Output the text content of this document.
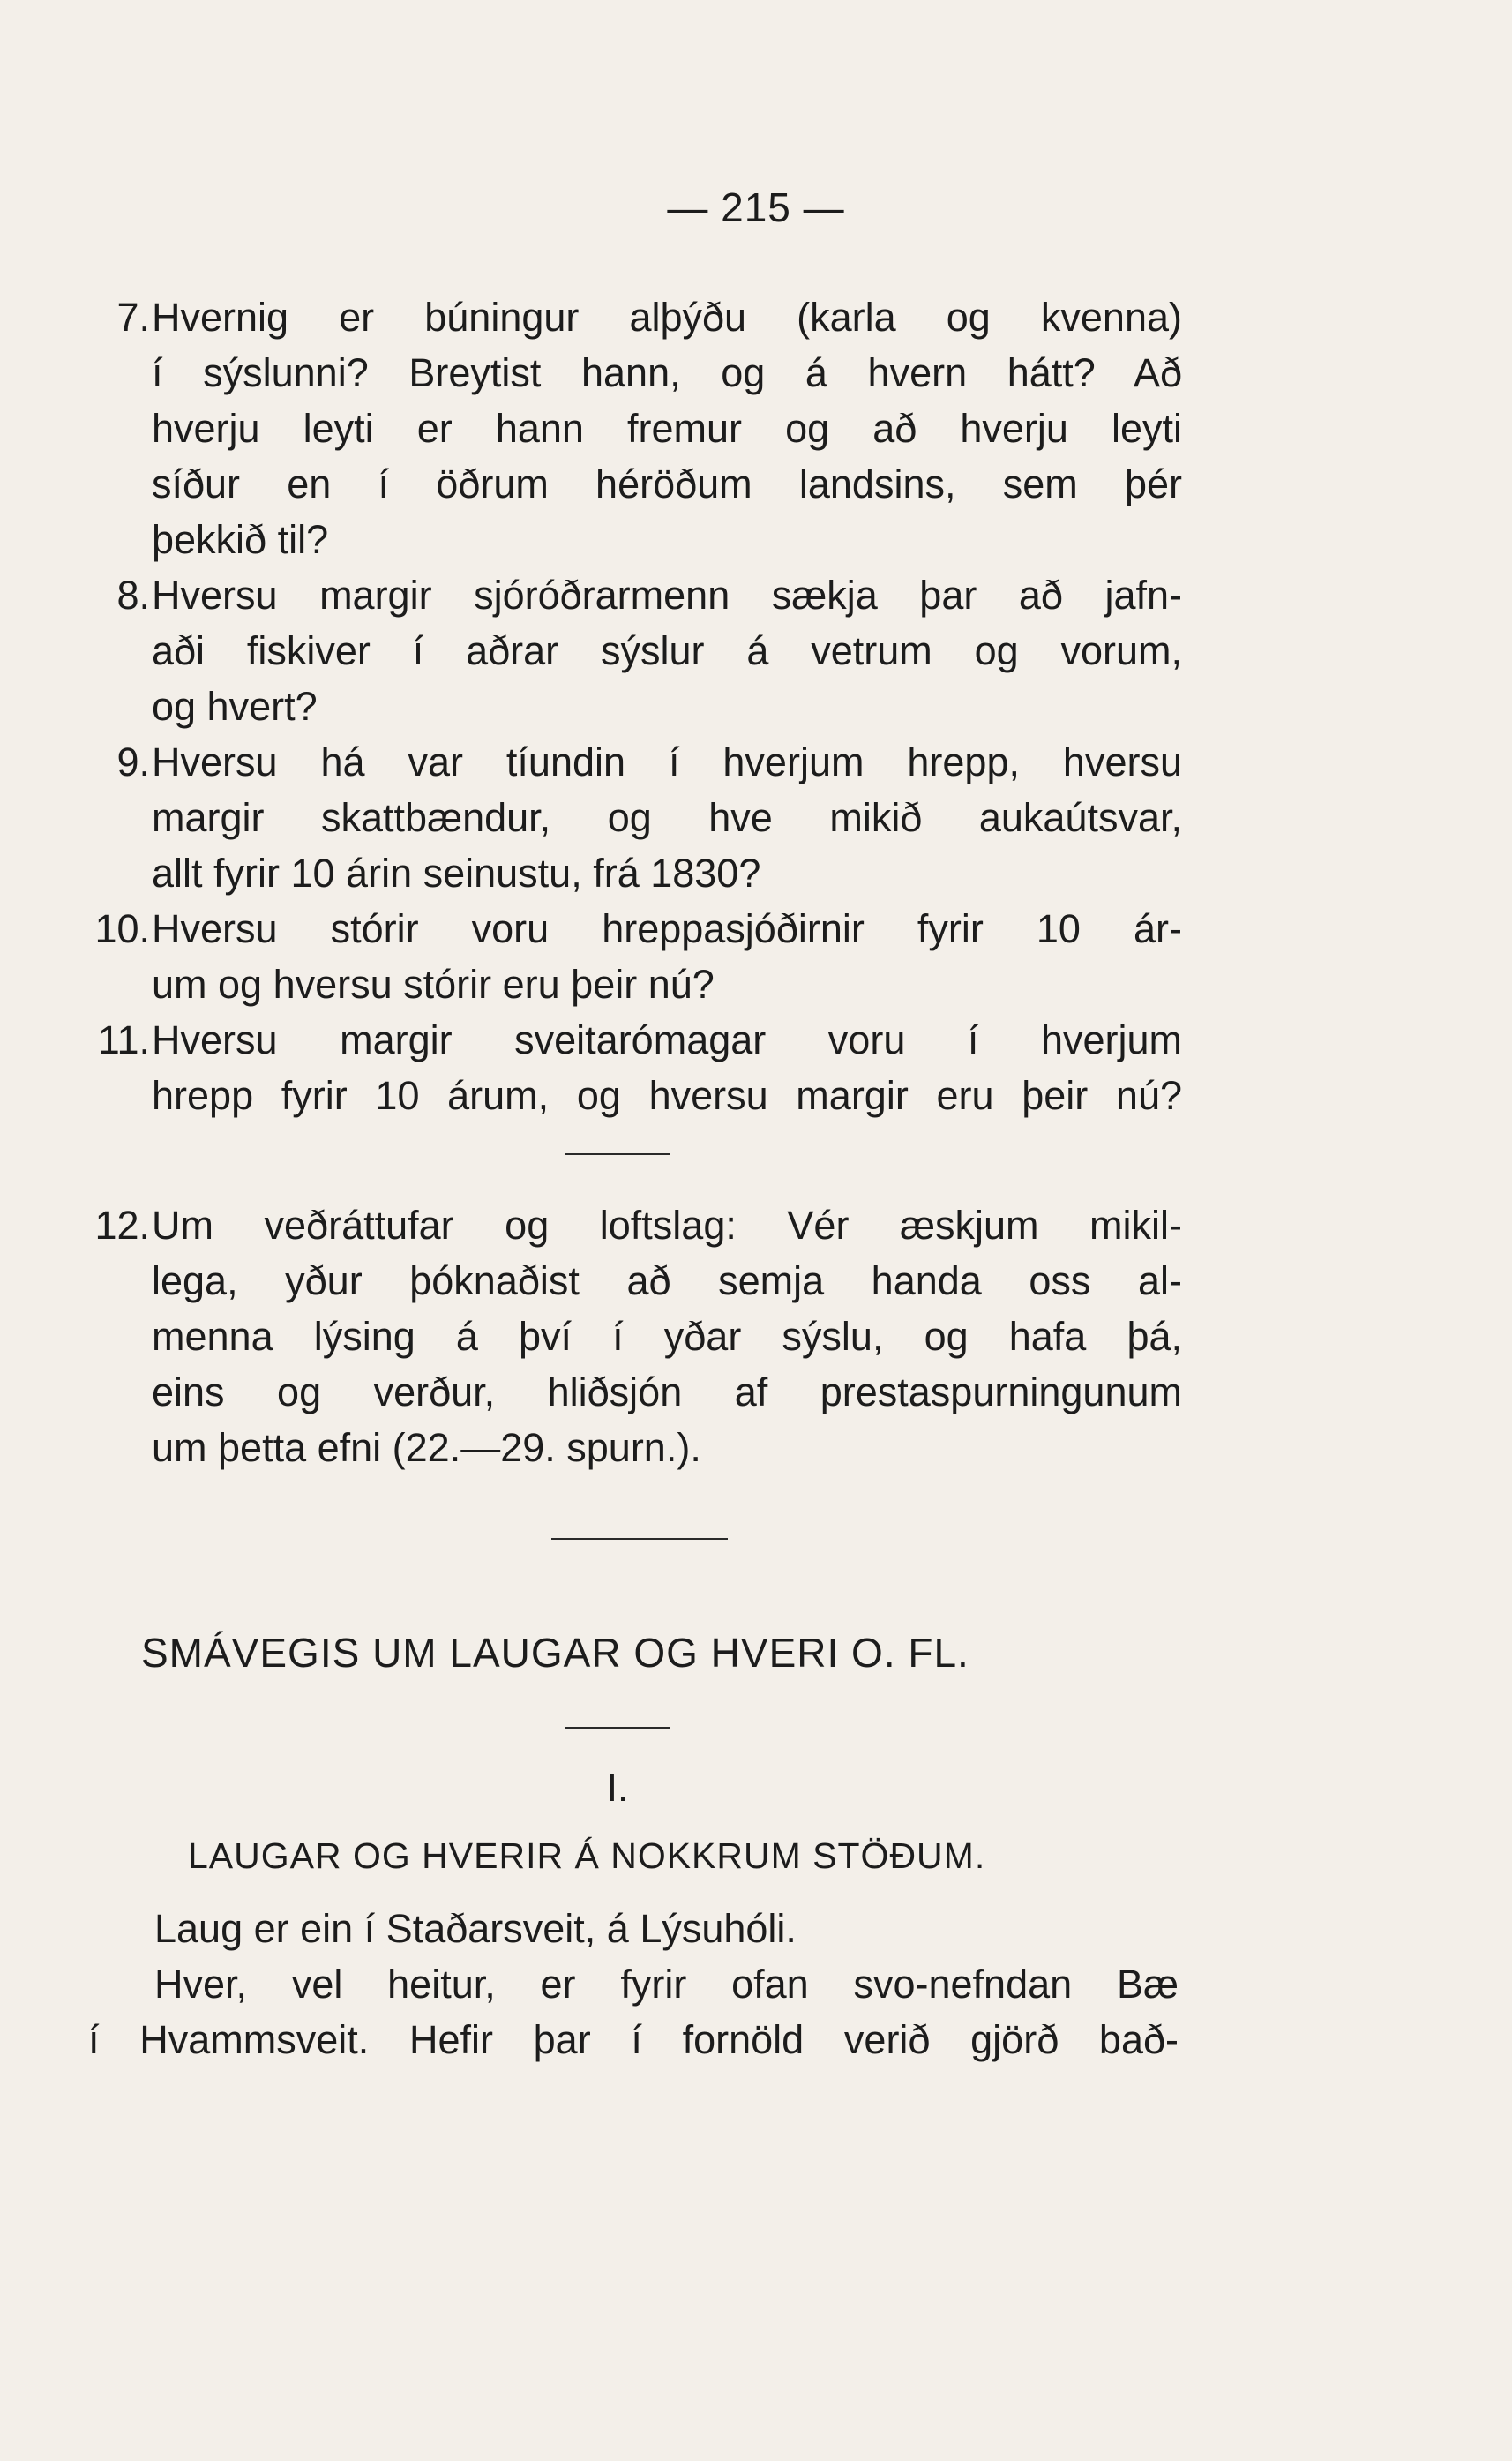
— 215 —
7. Hvernig er búningur alþýðu (karla og kvenna)
í sýslunni? Breytist hann, og á hvern hátt? Að
hverju leyti er hann fremur og að hverju leyti
síður en í öðrum héröðum landsins, sem þér
þekkið til?
8. Hversu margir sjóróðrarmenn sækja þar að jafn-
aði fiskiver í aðrar sýslur á vetrum og vorum,
og hvert?
9. Hversu há var tíundin í hverjum hrepp, hversu
margir skattbændur, og hve mikið aukaútsvar,
allt fyrir 10 árin seinustu, frá 1830?
10. Hversu stórir voru hreppasjóðirnir fyrir 10 ár-
um og hversu stórir eru þeir nú?
11. Hversu margir sveitarómagar voru í hverjum
hrepp fyrir 10 árum, og hversu margir eru þeir nú?
12. Um veðráttufar og loftslag: Vér æskjum mikil-
lega, yður þóknaðist að semja handa oss al-
menna lýsing á því í yðar sýslu, og hafa þá,
eins og verður, hliðsjón af prestaspurningunum
um þetta efni (22.—29. spurn.).
SMÁVEGIS UM LAUGAR OG HVERI O. FL.
I.
LAUGAR OG HVERIR Á NOKKRUM STÖÐUM.
Laug er ein í Staðarsveit, á Lýsuhóli.
Hver, vel heitur, er fyrir ofan svo-nefndan Bæ
í Hvammsveit. Hefir þar í fornöld verið gjörð bað-
